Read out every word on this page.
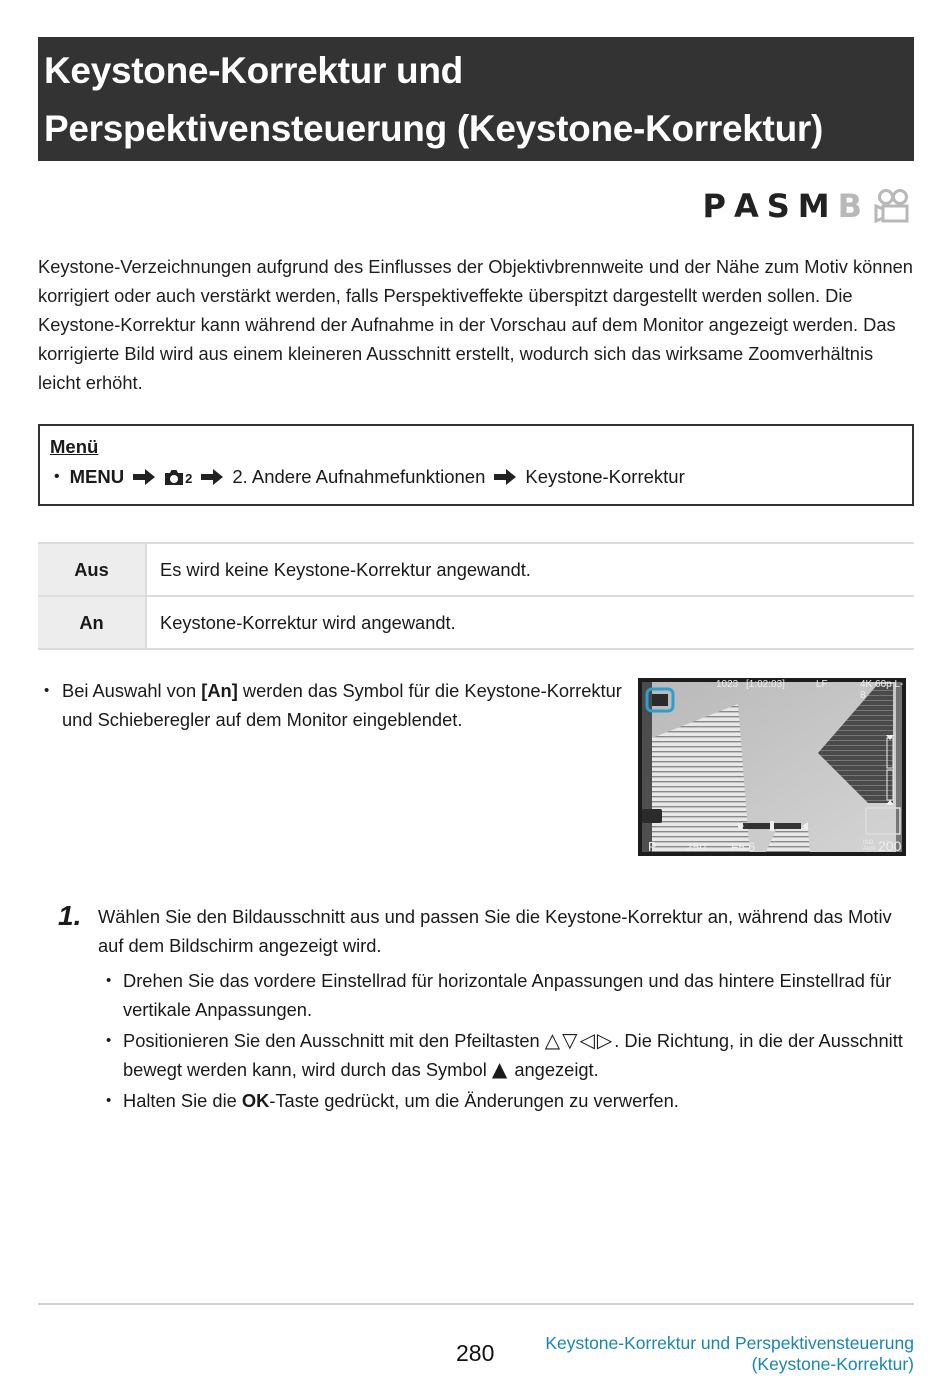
Keystone-Korrektur und
Perspektivensteuerung (Keystone-Korrektur)
P A S M B

Keystone-Verzeichnungen aufgrund des Einflusses der Objektivbrennweite und der Nähe zum Motiv können korrigiert oder auch verstärkt werden, falls Perspektiveffekte überspitzt dargestellt werden sollen. Die Keystone-Korrektur kann während der Aufnahme in der Vorschau auf dem Monitor angezeigt werden. Das korrigierte Bild wird aus einem kleineren Ausschnitt erstellt, wodurch sich das wirksame Zoomverhältnis leicht erhöht.

Menü
• MENU	2 2. Andere Aufnahmefunktionen Keystone-Korrektur
Aus	Es wird keine Keystone-Korrektur angewandt.
An	Keystone-Korrektur wird angewandt.

• Bei Auswahl von [An] werden das Symbol für die Keystone-Korrektur und Schieberegler auf dem Monitor eingeblendet.

1023 [1:02:03]	LF	4K 60p L-8
P 250 F5.6	ISO Auto 200
1. Wählen Sie den Bildausschnitt aus und passen Sie die Keystone-Korrektur an, während das Motiv auf dem Bildschirm angezeigt wird.

• Drehen Sie das vordere Einstellrad für horizontale Anpassungen und das hintere Einstellrad für vertikale Anpassungen.
• Positionieren Sie den Ausschnitt mit den Pfeiltasten △▽◁▷. Die Richtung, in die der Ausschnitt bewegt werden kann, wird durch das Symbol ▲ angezeigt.
• Halten Sie die OK-Taste gedrückt, um die Änderungen zu verwerfen.
280	Keystone-Korrektur und Perspektivensteuerung
(Keystone-Korrektur)
